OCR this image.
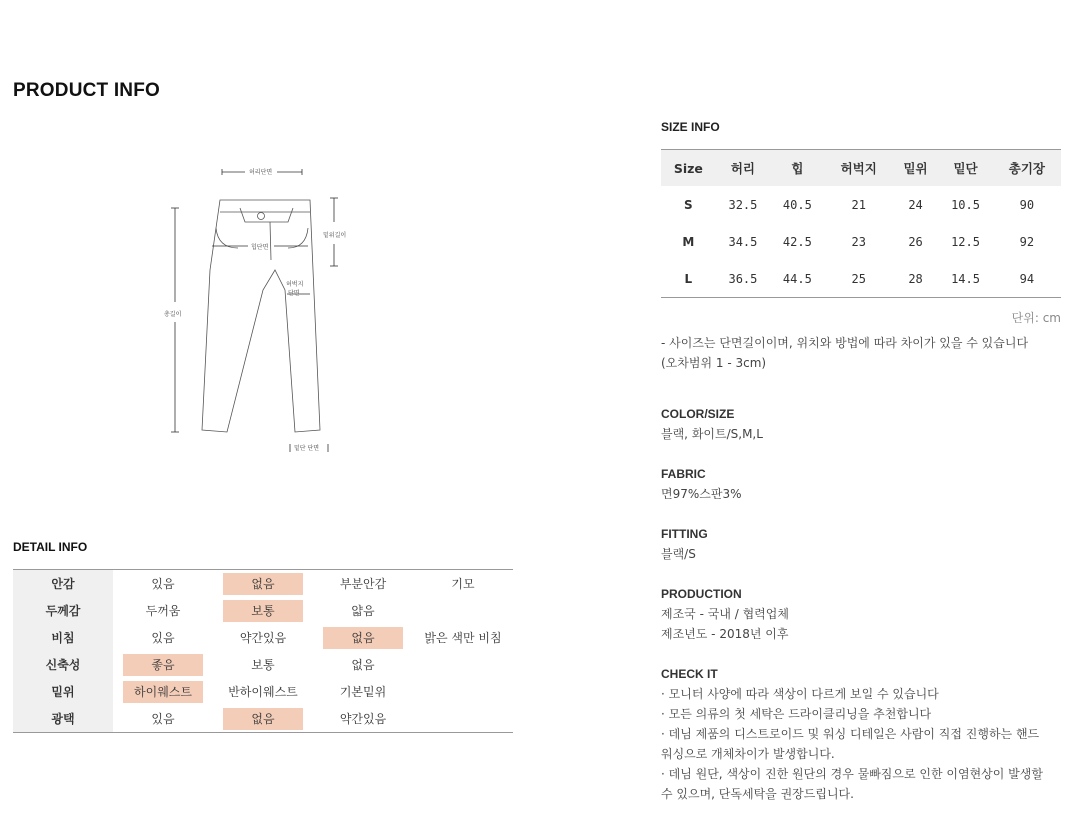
PRODUCT INFO
허리단면
밑위길이
힙단면
허벅지
단면
총길이
밑단 단면
DETAIL INFO
안감	있음	없음	부분안감	기모
두께감	두꺼움	보통	얇음	
비침	있음	약간있음	없음	밝은 색만 비침
신축성	좋음	보통	없음	
밑위	하이웨스트	반하이웨스트	기본밑위	
광택	있음	없음	약간있음	
SIZE INFO
Size	허리	힙	허벅지	밑위	밑단	총기장
S	32.5	40.5	21	24	10.5	90
M	34.5	42.5	23	26	12.5	92
L	36.5	44.5	25	28	14.5	94
단위: cm
- 사이즈는 단면길이이며, 위치와 방법에 따라 차이가 있을 수 있습니다
(오차범위 1 - 3cm)
COLOR/SIZE
블랙, 화이트/S,M,L
FABRIC
면97%스판3%
FITTING
블랙/S
PRODUCTION
제조국 - 국내 / 협력업체
제조년도 - 2018년 이후
CHECK IT
· 모니터 사양에 따라 색상이 다르게 보일 수 있습니다
· 모든 의류의 첫 세탁은 드라이클리닝을 추천합니다
· 데님 제품의 디스트로이드 및 워싱 디테일은 사람이 직접 진행하는 핸드
워싱으로 개체차이가 발생합니다.
· 데님 원단, 색상이 진한 원단의 경우 물빠짐으로 인한 이염현상이 발생할
수 있으며, 단독세탁을 권장드립니다.
